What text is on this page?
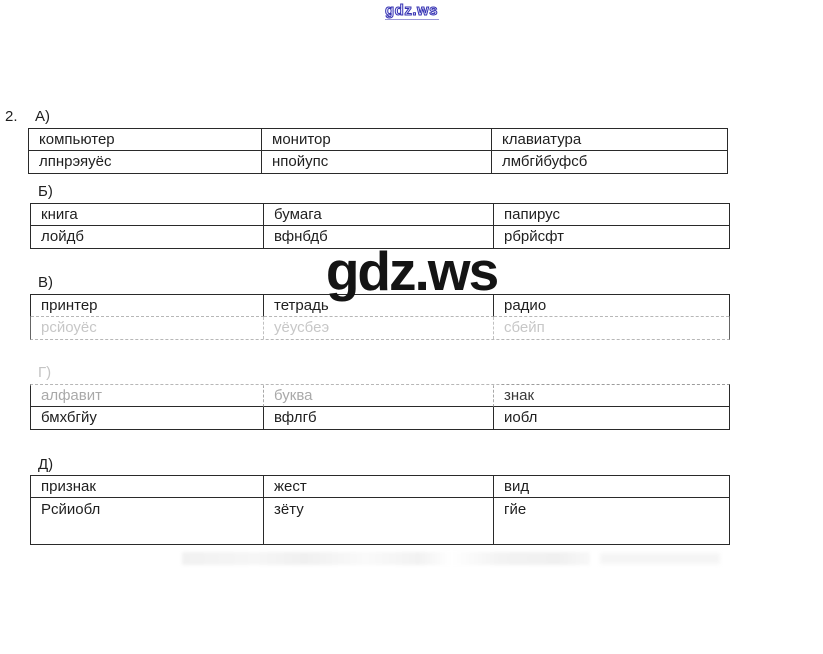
gdz.ws
2. А)
компьютер	монитор	клавиатура
лпнрэяуёс	нпойупс	лмбгйбуфсб
Б)
книга	бумага	папирус
лойдб	вфнбдб	рбрйсфт
В)
принтер	тетрадь	радио
рсйоуёс	уёусбеэ	сбейп
Г)
алфавит	буква	знак
бмхбгйу	вфлгб	иобл
Д)
признак	жест	вид
Рсйиобл	зёту	гйе
gdz.ws
